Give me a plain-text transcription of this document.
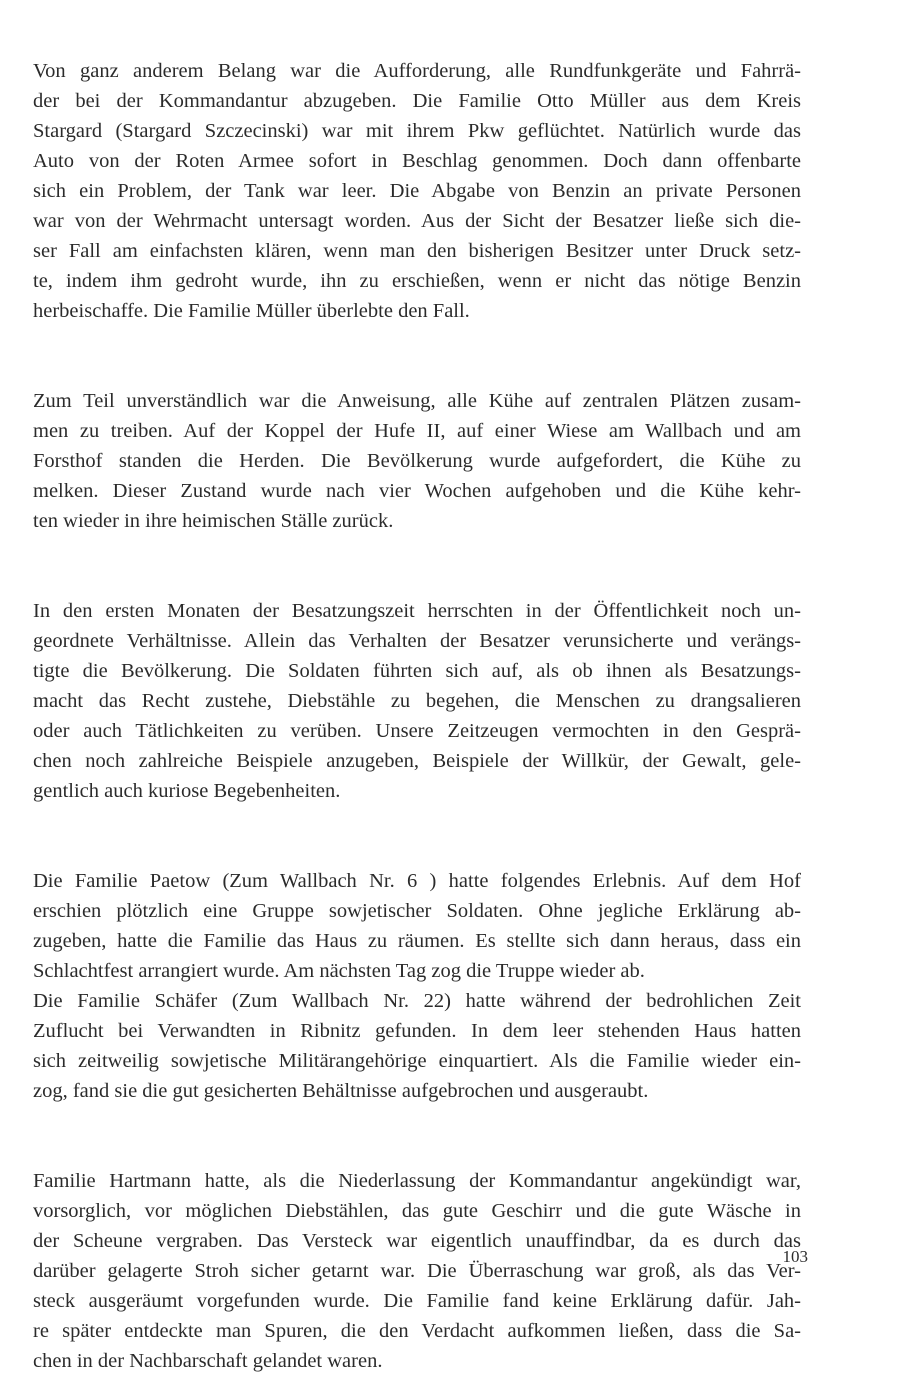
Von ganz anderem Belang war die Aufforderung, alle Rundfunkgeräte und Fahrrä-
der bei der Kommandantur abzugeben. Die Familie Otto Müller aus dem Kreis
Stargard (Stargard Szczecinski) war mit ihrem Pkw geflüchtet. Natürlich wurde das
Auto von der Roten Armee sofort in Beschlag genommen. Doch dann offenbarte
sich ein Problem, der Tank war leer. Die Abgabe von Benzin an private Personen
war von der Wehrmacht untersagt worden. Aus der Sicht der Besatzer ließe sich die-
ser Fall am einfachsten klären, wenn man den bisherigen Besitzer unter Druck setz-
te, indem ihm gedroht wurde, ihn zu erschießen, wenn er nicht das nötige Benzin
herbeischaffe. Die Familie Müller überlebte den Fall.

Zum Teil unverständlich war die Anweisung, alle Kühe auf zentralen Plätzen zusam-
men zu treiben. Auf der Koppel der Hufe II, auf einer Wiese am Wallbach und am
Forsthof standen die Herden. Die Bevölkerung wurde aufgefordert, die Kühe zu
melken. Dieser Zustand wurde nach vier Wochen aufgehoben und die Kühe kehr-
ten wieder in ihre heimischen Ställe zurück.

In den ersten Monaten der Besatzungszeit herrschten in der Öffentlichkeit noch un-
geordnete Verhältnisse. Allein das Verhalten der Besatzer verunsicherte und verängs-
tigte die Bevölkerung. Die Soldaten führten sich auf, als ob ihnen als Besatzungs-
macht das Recht zustehe, Diebstähle zu begehen, die Menschen zu drangsalieren
oder auch Tätlichkeiten zu verüben. Unsere Zeitzeugen vermochten in den Gesprä-
chen noch zahlreiche Beispiele anzugeben, Beispiele der Willkür, der Gewalt, gele-
gentlich auch kuriose Begebenheiten.

Die Familie Paetow (Zum Wallbach Nr. 6 ) hatte folgendes Erlebnis. Auf dem Hof
erschien plötzlich eine Gruppe sowjetischer Soldaten. Ohne jegliche Erklärung ab-
zugeben, hatte die Familie das Haus zu räumen. Es stellte sich dann heraus, dass ein
Schlachtfest arrangiert wurde. Am nächsten Tag zog die Truppe wieder ab.

Die Familie Schäfer (Zum Wallbach Nr. 22) hatte während der bedrohlichen Zeit
Zuflucht bei Verwandten in Ribnitz gefunden. In dem leer stehenden Haus hatten
sich zeitweilig sowjetische Militärangehörige einquartiert. Als die Familie wieder ein-
zog, fand sie die gut gesicherten Behältnisse aufgebrochen und ausgeraubt.

Familie Hartmann hatte, als die Niederlassung der Kommandantur angekündigt war,
vorsorglich, vor möglichen Diebstählen, das gute Geschirr und die gute Wäsche in
der Scheune vergraben. Das Versteck war eigentlich unauffindbar, da es durch das
darüber gelagerte Stroh sicher getarnt war. Die Überraschung war groß, als das Ver-
steck ausgeräumt vorgefunden wurde. Die Familie fand keine Erklärung dafür. Jah-
re später entdeckte man Spuren, die den Verdacht aufkommen ließen, dass die Sa-
chen in der Nachbarschaft gelandet waren.

103
